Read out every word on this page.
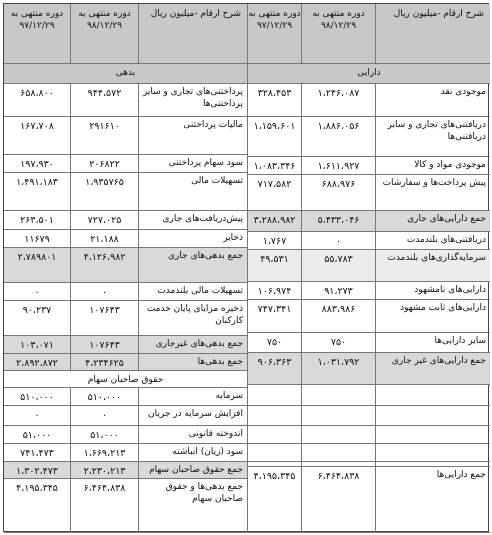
دوره منتهی به ۹۷/۱۲/۲۹
دوره منتهی به ۹۸/۱۲/۲۹
شرح ارقام -میلیون ریال دوره منتهی به ۹۷/۱۲/۲۹
دوره منتهی به ۹۸/۱۲/۲۹
شرح ارقام -میلیون ریال
بدهی	دارایی
حقوق صاحبان سهام
موجودی نقد
۱،۲۴۶،۰۸۷
۳۲۸،۴۵۳
دریافتنی‌های تجاری و سایر دریافتنی‌ها
۱،۸۸۶،۰۵۶
۱،۱۵۹،۶۰۱
موجودی مواد و کالا
۱،۶۱۱،۹۲۷
۱،۰۸۳،۳۴۶
پیش پرداخت‌ها و سفارشات
۶۸۸،۹۷۶
۷۱۷،۵۸۲
جمع دارایی‌های جاری
۵،۴۳۳،۰۴۶
۳،۲۸۸،۹۸۲
دریافتنی‌های بلندمدت
۰
۱،۷۶۷
سرمایه‌گذاری‌های بلندمدت
۵۵،۷۸۳
۴۹،۵۳۱
دارایی‌های نامشهود
۹۱،۲۷۳
۱۰۶،۹۷۴
دارایی‌های ثابت مشهود
۸۸۳،۹۸۶
۷۴۷،۳۴۱
سایر دارایی‌ها
۷۵۰
۷۵۰
جمع دارایی‌های غیر جاری
۱،۰۳۱،۷۹۲
۹۰۶،۳۶۳
جمع دارایی‌ها
۶،۴۶۴،۸۳۸
۴،۱۹۵،۳۴۵
پرداختنی‌های تجاری و سایر پرداختنی‌ها
۹۴۴،۵۷۲
۶۵۸،۸۰۰
مالیات پرداختنی
۲۹۱۶۱۰
۱۶۷،۷۰۸
سود سهام پرداختنی
۲۰۶۸۲۲
۱۹۷،۹۳۰
تسهیلات مالی
۱،۹۳۵۷۶۵
۱،۴۹۱،۱۸۳
پیش‌دریافت‌های جاری
۷۲۷،۰۲۵
۲۶۳،۵۰۱
ذخایر
۲۱،۱۸۸
۱۱۶۷۹
جمع بدهی‌های جاری
۴،۱۲۶،۹۸۲
۲،۷۸۹۸۰۱
تسهیلات مالی بلندمدت
۰
۰
ذخیره مزایای پایان خدمت کارکنان
۱۰۷۶۴۳
۹۰،۲۳۷
جمع بدهی‌های غیرجاری
۱۰۷۶۴۳
۱۰۳،۰۷۱
جمع بدهی‌ها
۴،۲۳۴۶۲۵
۲،۸۹۲،۸۷۲
سرمایه
۵۱۰،۰۰۰
۵۱۰،۰۰۰
افزایش سرمایه در جریان
۰
۰
اندوخته قانونی
۵۱،۰۰۰
۵۱،۰۰۰
سود (زیان) انباشته
۱،۶۶۹،۲۱۳
۷۴۱،۴۷۳
جمع حقوق صاحبان سهام
۲،۲۳۰،۲۱۳
۱،۳۰۲،۴۷۳
جمع بدهی‌ها و حقوق صاحبان سهام
۶،۴۶۴،۸۳۸
۴،۱۹۵،۳۴۵
